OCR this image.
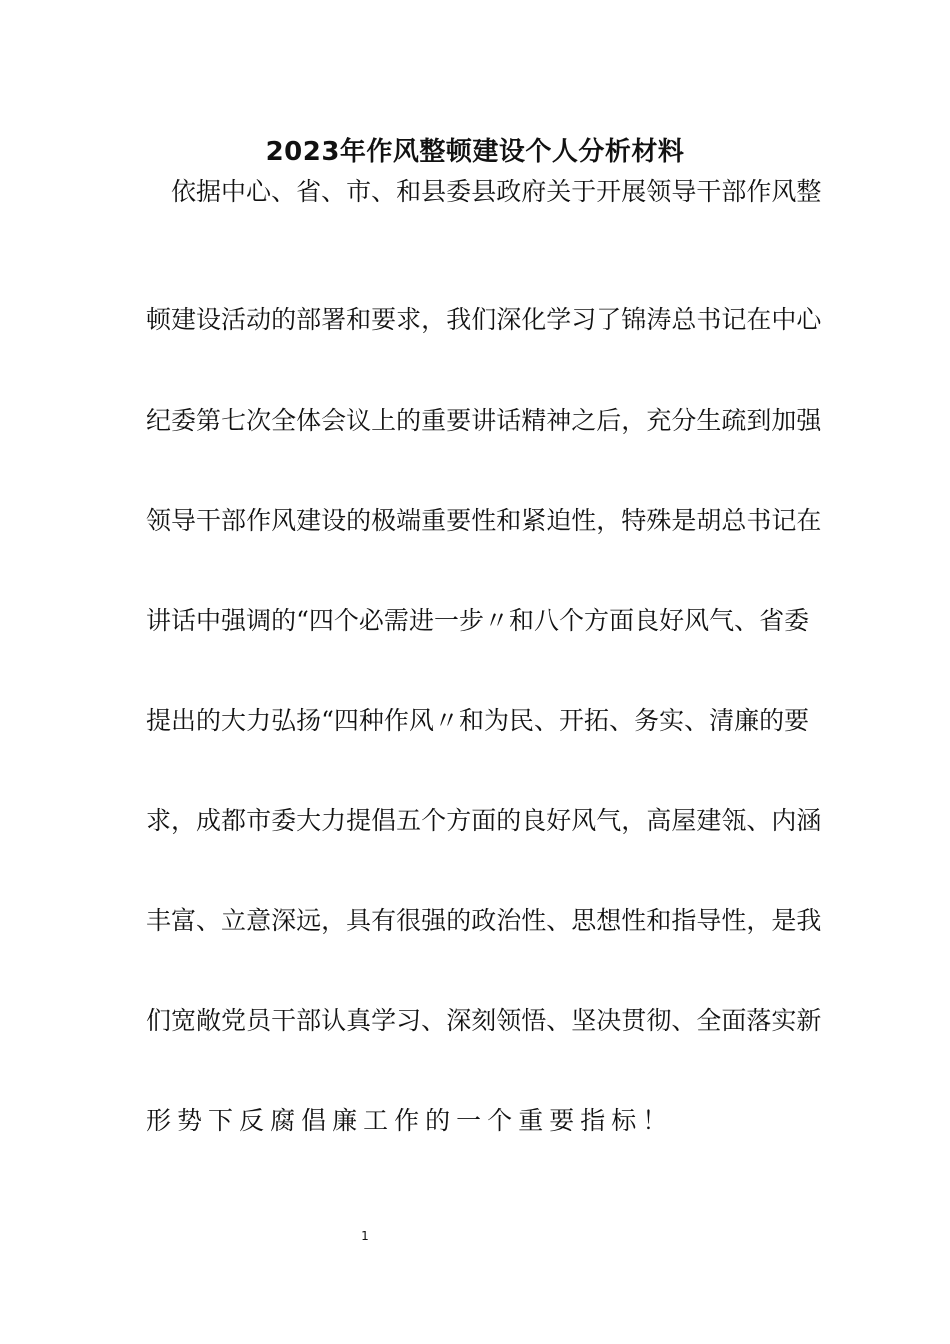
2023年作风整顿建设个人分析材料
依 据 中 心 、 省 、 市 、 和 县 委 县 政 府 关 于 开 展 领 导 干 部 作 风 整
顿 建 设 活 动 的 部 署 和 要 求 ， 我 们 深 化 学 习 了 锦 涛 总 书 记 在 中 心
纪 委 第 七 次 全 体 会 议 上 的 重 要 讲 话 精 神 之 后 ， 充 分 生 疏 到 加 强
领 导 干 部 作 风 建 设 的 极 端 重 要 性 和 紧 迫 性 ， 特 殊 是 胡 总 书 记 在
讲 话 中 强 调 的 “ 四 个 必 需 进 一 步 〃 和 八 个 方 面 良 好 风 气 、 省 委
提 出 的 大 力 弘 扬 “ 四 种 作 风 〃 和 为 民 、 开 拓 、 务 实 、 清 廉 的 要
求 ， 成 都 市 委 大 力 提 倡 五 个 方 面 的 良 好 风 气 ， 高 屋 建 瓴 、 内 涵
丰 富 、 立 意 深 远 ， 具 有 很 强 的 政 治 性 、 思 想 性 和 指 导 性 ， 是 我
们 宽 敞 党 员 干 部 认 真 学 习 、 深 刻 领 悟 、 坚 决 贯 彻 、 全 面 落 实 新
形 势 下 反 腐 倡 廉 工 作 的 一 个 重 要 指 标 ！
1
